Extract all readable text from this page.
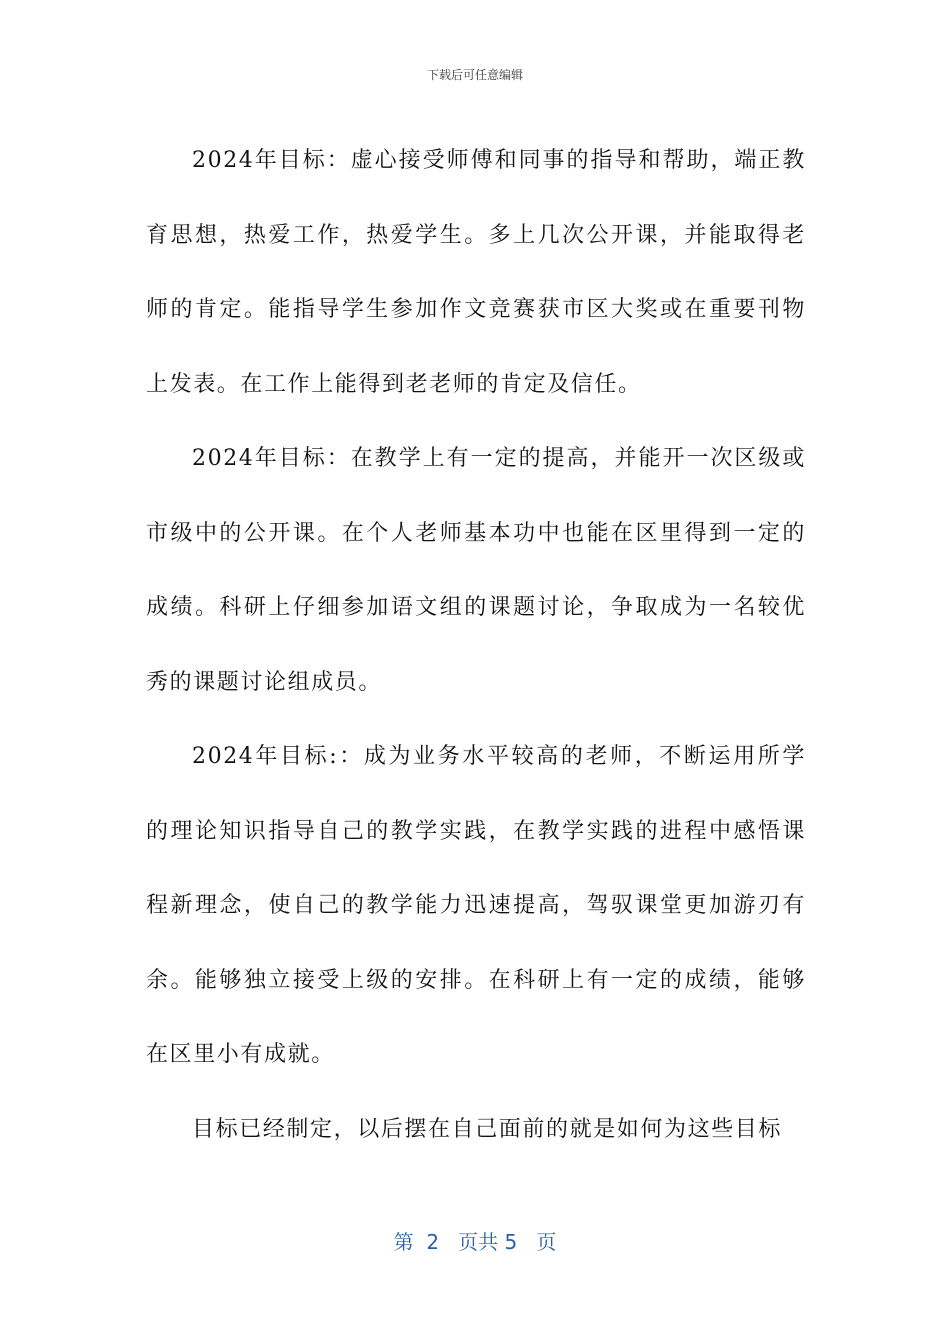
下载后可任意编辑

2024年目标：虚心接受师傅和同事的指导和帮助，端正教育思想，热爱工作，热爱学生。多上几次公开课，并能取得老师的肯定。能指导学生参加作文竞赛获市区大奖或在重要刊物上发表。在工作上能得到老老师的肯定及信任。

2024年目标：在教学上有一定的提高，并能开一次区级或市级中的公开课。在个人老师基本功中也能在区里得到一定的成绩。科研上仔细参加语文组的课题讨论，争取成为一名较优秀的课题讨论组成员。

2024年目标:：成为业务水平较高的老师，不断运用所学的理论知识指导自己的教学实践，在教学实践的进程中感悟课程新理念，使自己的教学能力迅速提高，驾驭课堂更加游刃有余。能够独立接受上级的安排。在科研上有一定的成绩，能够在区里小有成就。

目标已经制定，以后摆在自己面前的就是如何为这些目标

第 2 页共 5 页
